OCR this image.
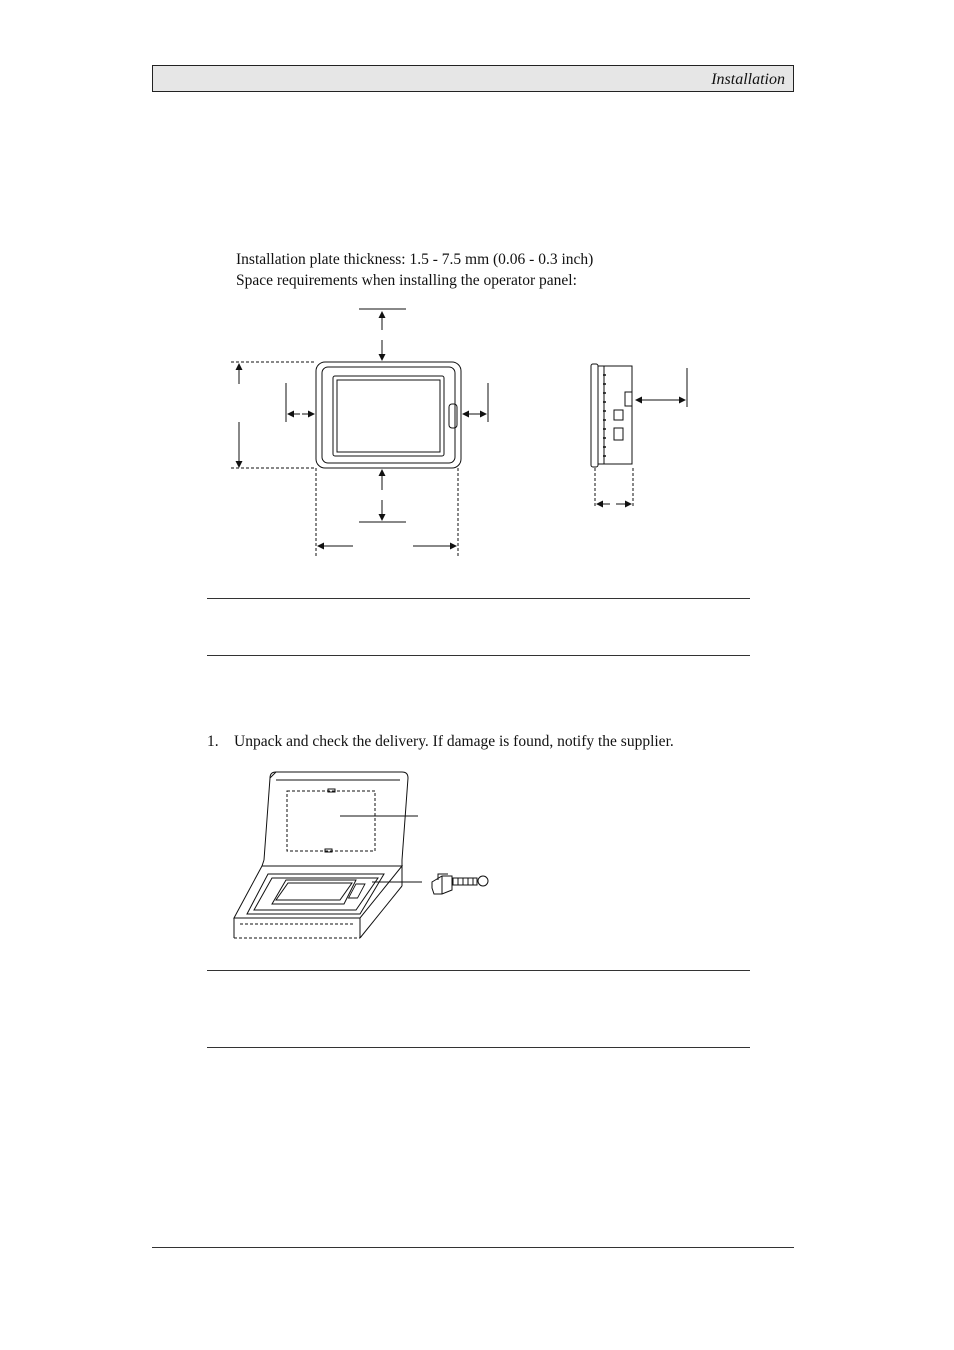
Installation
Installation plate thickness: 1.5 - 7.5 mm (0.06 - 0.3 inch)
Space requirements when installing the operator panel:
1. Unpack and check the delivery. If damage is found, notify the supplier.
